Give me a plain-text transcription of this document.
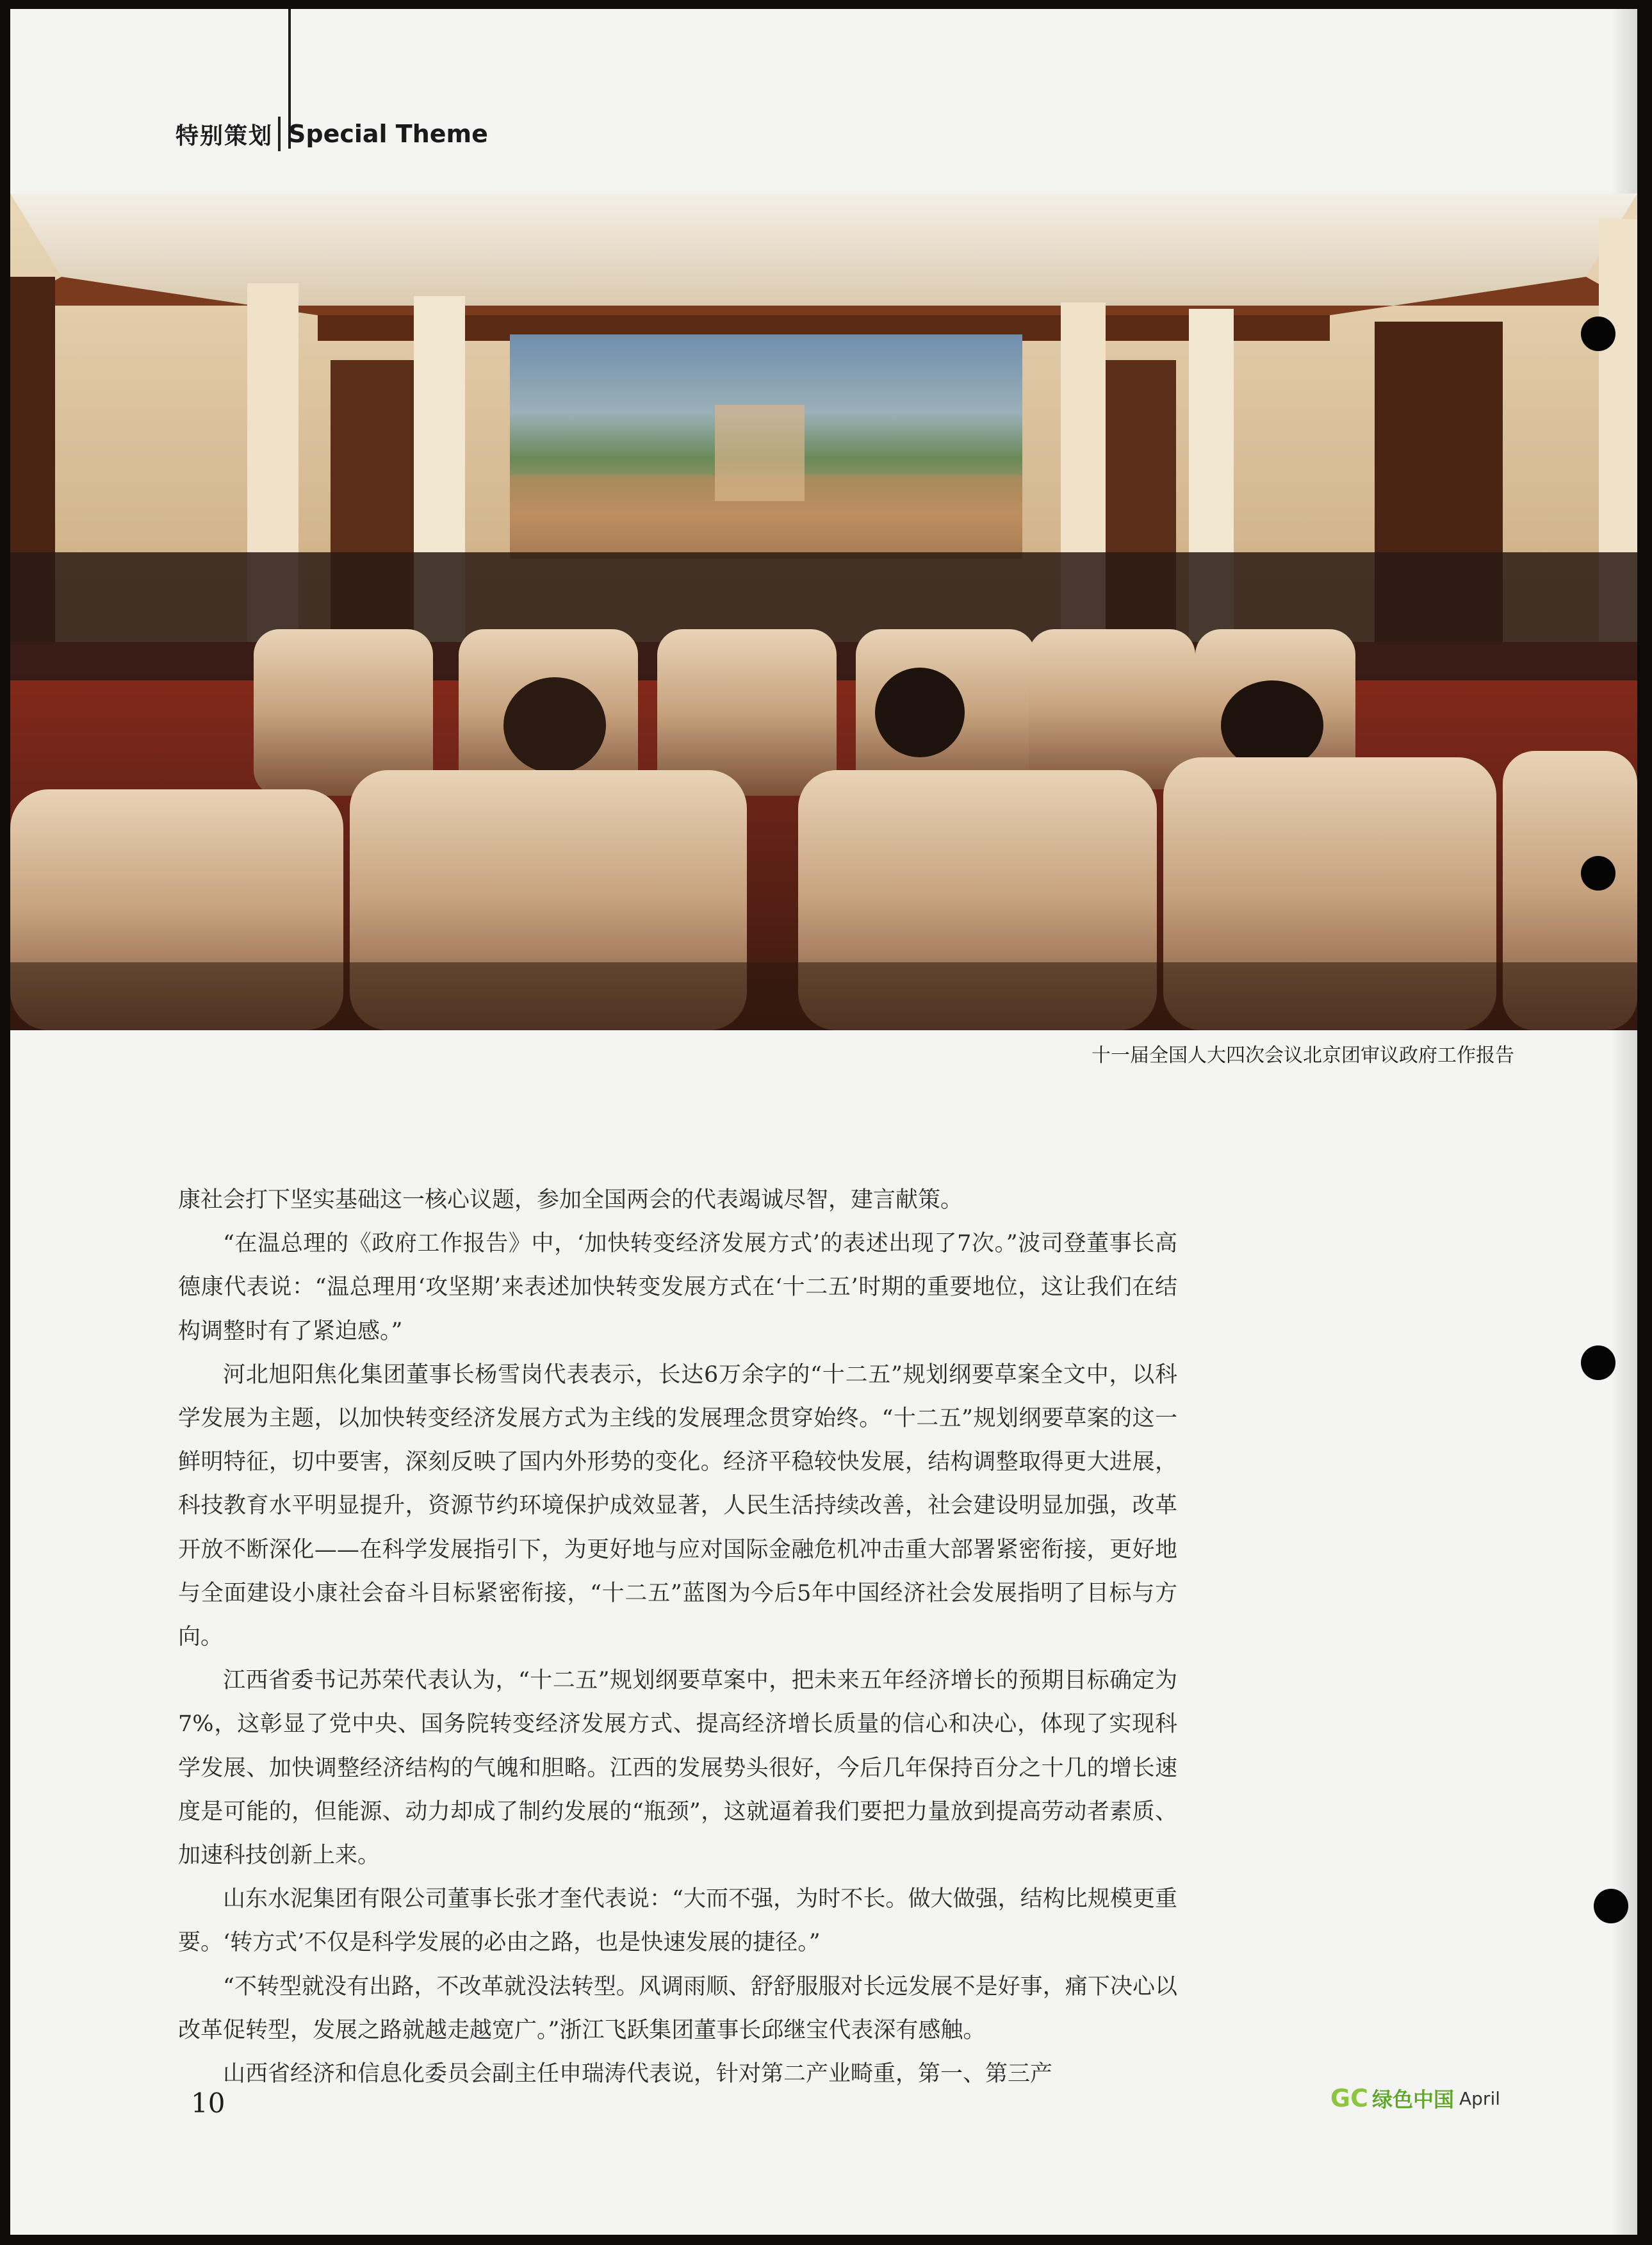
特别策划 Special Theme
十一届全国人大四次会议北京团审议政府工作报告

康社会打下坚实基础这一核心议题，参加全国两会的代表竭诚尽智，建言献策。

“在温总理的《政府工作报告》中，‘加快转变经济发展方式’的表述出现了7次。”波司登董事长高德康代表说：“温总理用‘攻坚期’来表述加快转变发展方式在‘十二五’时期的重要地位，这让我们在结构调整时有了紧迫感。”

河北旭阳焦化集团董事长杨雪岗代表表示，长达6万余字的“十二五”规划纲要草案全文中，以科学发展为主题，以加快转变经济发展方式为主线的发展理念贯穿始终。“十二五”规划纲要草案的这一鲜明特征，切中要害，深刻反映了国内外形势的变化。经济平稳较快发展，结构调整取得更大进展，科技教育水平明显提升，资源节约环境保护成效显著，人民生活持续改善，社会建设明显加强，改革开放不断深化——在科学发展指引下，为更好地与应对国际金融危机冲击重大部署紧密衔接，更好地与全面建设小康社会奋斗目标紧密衔接，“十二五”蓝图为今后5年中国经济社会发展指明了目标与方向。

江西省委书记苏荣代表认为，“十二五”规划纲要草案中，把未来五年经济增长的预期目标确定为7%，这彰显了党中央、国务院转变经济发展方式、提高经济增长质量的信心和决心，体现了实现科学发展、加快调整经济结构的气魄和胆略。江西的发展势头很好，今后几年保持百分之十几的增长速度是可能的，但能源、动力却成了制约发展的“瓶颈”，这就逼着我们要把力量放到提高劳动者素质、加速科技创新上来。

山东水泥集团有限公司董事长张才奎代表说：“大而不强，为时不长。做大做强，结构比规模更重要。‘转方式’不仅是科学发展的必由之路，也是快速发展的捷径。”

“不转型就没有出路，不改革就没法转型。风调雨顺、舒舒服服对长远发展不是好事，痛下决心以改革促转型，发展之路就越走越宽广。”浙江飞跃集团董事长邱继宝代表深有感触。

山西省经济和信息化委员会副主任申瑞涛代表说，针对第二产业畸重，第一、第三产

10	GC 绿色中国 April
